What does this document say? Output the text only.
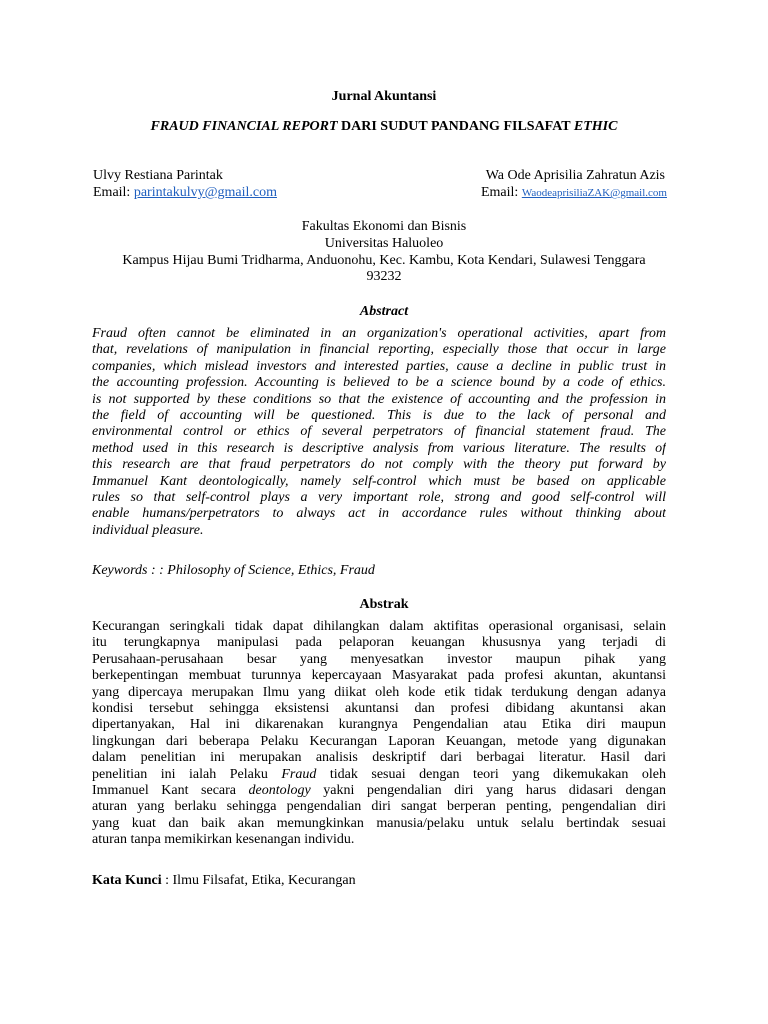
Jurnal Akuntansi
FRAUD FINANCIAL REPORT DARI SUDUT PANDANG FILSAFAT ETHIC
Ulvy Restiana Parintak
Email: parintakulvy@gmail.com
Wa Ode Aprisilia Zahratun Azis
Email: WaodeaprisiliaZAK@gmail.com
Fakultas Ekonomi dan Bisnis
Universitas Haluoleo
Kampus Hijau Bumi Tridharma, Anduonohu, Kec. Kambu, Kota Kendari, Sulawesi Tenggara
93232
Abstract
Fraud often cannot be eliminated in an organization's operational activities, apart from
that, revelations of manipulation in financial reporting, especially those that occur in large
companies, which mislead investors and interested parties, cause a decline in public trust in
the accounting profession. Accounting is believed to be a science bound by a code of ethics.
is not supported by these conditions so that the existence of accounting and the profession in
the field of accounting will be questioned. This is due to the lack of personal and
environmental control or ethics of several perpetrators of financial statement fraud. The
method used in this research is descriptive analysis from various literature. The results of
this research are that fraud perpetrators do not comply with the theory put forward by
Immanuel Kant deontologically, namely self-control which must be based on applicable
rules so that self-control plays a very important role, strong and good self-control will
enable humans/perpetrators to always act in accordance rules without thinking about
individual pleasure.
Keywords : : Philosophy of Science, Ethics, Fraud
Abstrak
Kecurangan seringkali tidak dapat dihilangkan dalam aktifitas operasional organisasi, selain
itu terungkapnya manipulasi pada pelaporan keuangan khususnya yang terjadi di
Perusahaan-perusahaan besar yang menyesatkan investor maupun pihak yang
berkepentingan membuat turunnya kepercayaan Masyarakat pada profesi akuntan, akuntansi
yang dipercaya merupakan Ilmu yang diikat oleh kode etik tidak terdukung dengan adanya
kondisi tersebut sehingga eksistensi akuntansi dan profesi dibidang akuntansi akan
dipertanyakan, Hal ini dikarenakan kurangnya Pengendalian atau Etika diri maupun
lingkungan dari beberapa Pelaku Kecurangan Laporan Keuangan, metode yang digunakan
dalam penelitian ini merupakan analisis deskriptif dari berbagai literatur. Hasil dari
penelitian ini ialah Pelaku Fraud tidak sesuai dengan teori yang dikemukakan oleh
Immanuel Kant secara deontology yakni pengendalian diri yang harus didasari dengan
aturan yang berlaku sehingga pengendalian diri sangat berperan penting, pengendalian diri
yang kuat dan baik akan memungkinkan manusia/pelaku untuk selalu bertindak sesuai
aturan tanpa memikirkan kesenangan individu.
Kata Kunci : Ilmu Filsafat, Etika, Kecurangan
